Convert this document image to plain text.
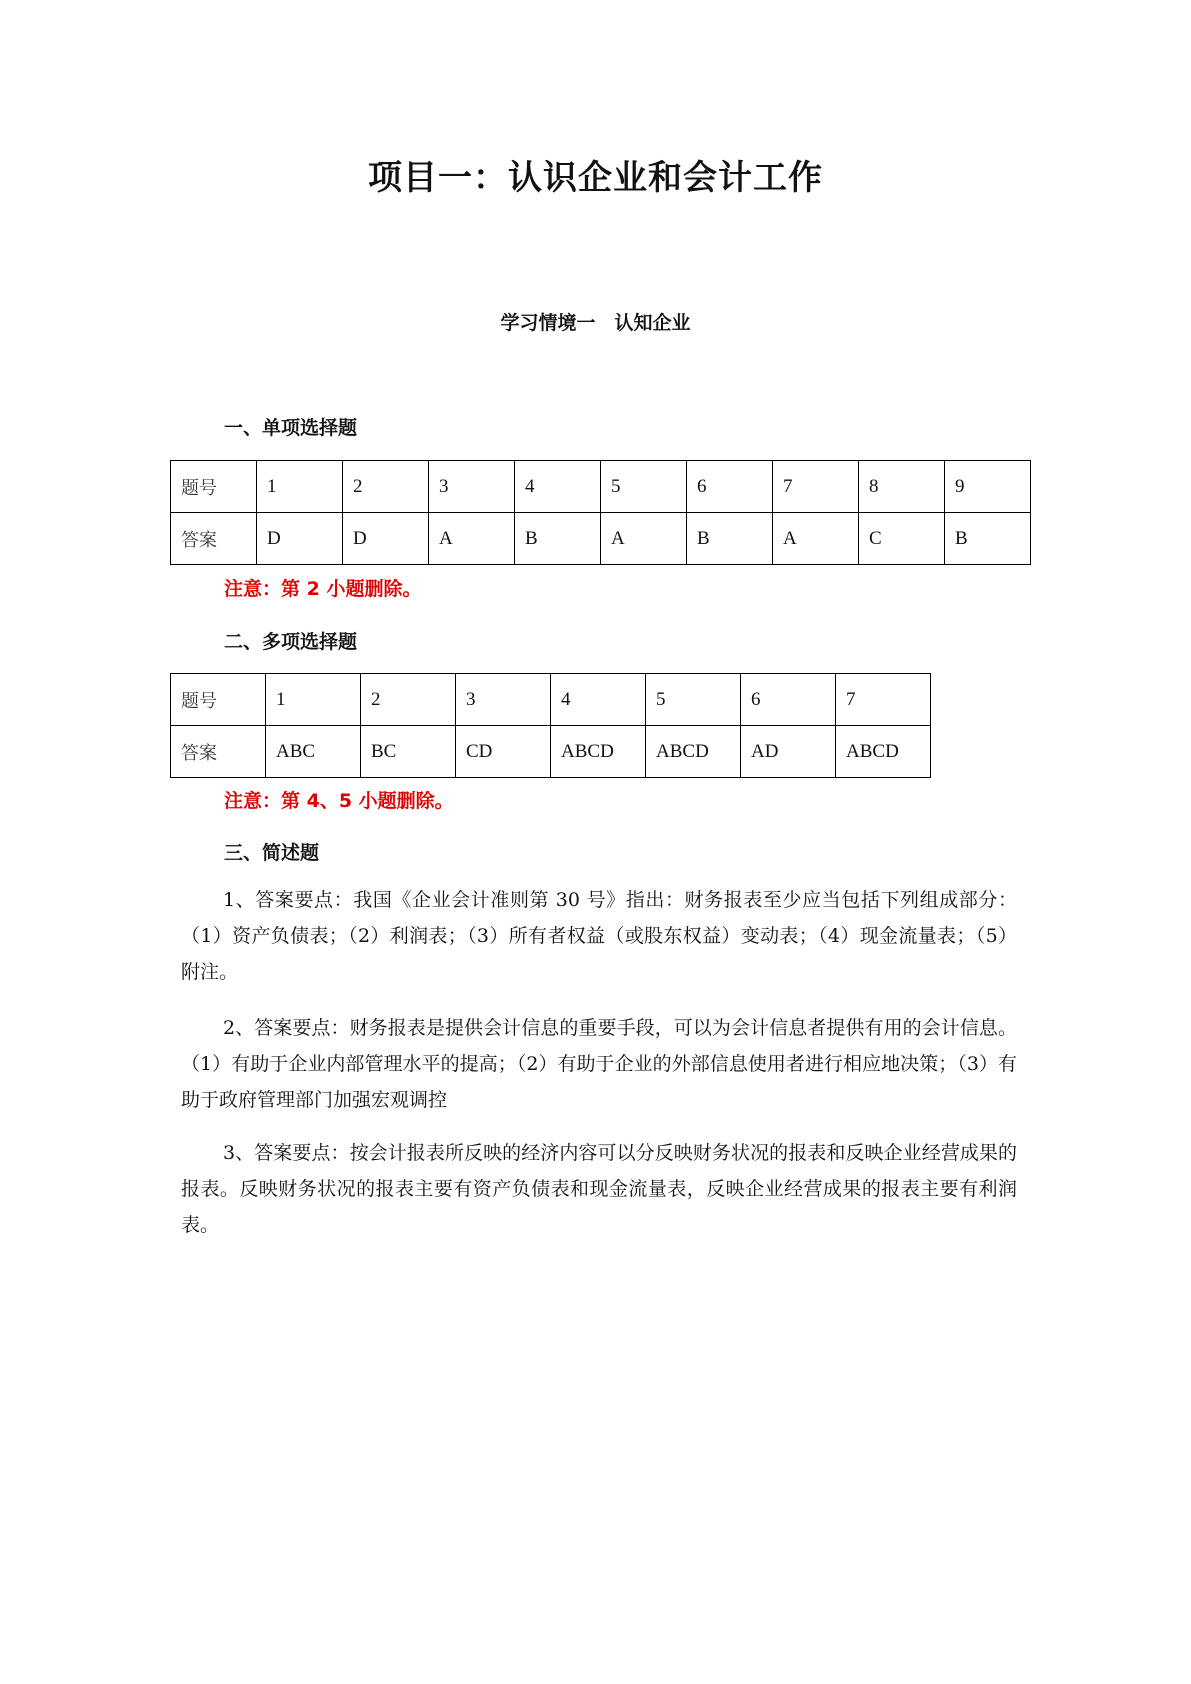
项目一：认识企业和会计工作
学习情境一　认知企业
一、单项选择题
题号	1	2	3	4	5	6	7	8	9
答案	D	D	A	B	A	B	A	C	B
注意：第 2 小题删除。
二、多项选择题
题号	1	2	3	4	5	6	7
答案	ABC	BC	CD	ABCD	ABCD	AD	ABCD
注意：第 4、5 小题删除。
三、简述题
1、答案要点：我国《企业会计准则第 30 号》指出：财务报表至少应当包括下列组成部分：（1）资产负债表；（2）利润表；（3）所有者权益（或股东权益）变动表；（4）现金流量表；（5）附注。
2、答案要点：财务报表是提供会计信息的重要手段，可以为会计信息者提供有用的会计信息。（1）有助于企业内部管理水平的提高；（2）有助于企业的外部信息使用者进行相应地决策；（3）有助于政府管理部门加强宏观调控
3、答案要点：按会计报表所反映的经济内容可以分反映财务状况的报表和反映企业经营成果的报表。反映财务状况的报表主要有资产负债表和现金流量表，反映企业经营成果的报表主要有利润表。
